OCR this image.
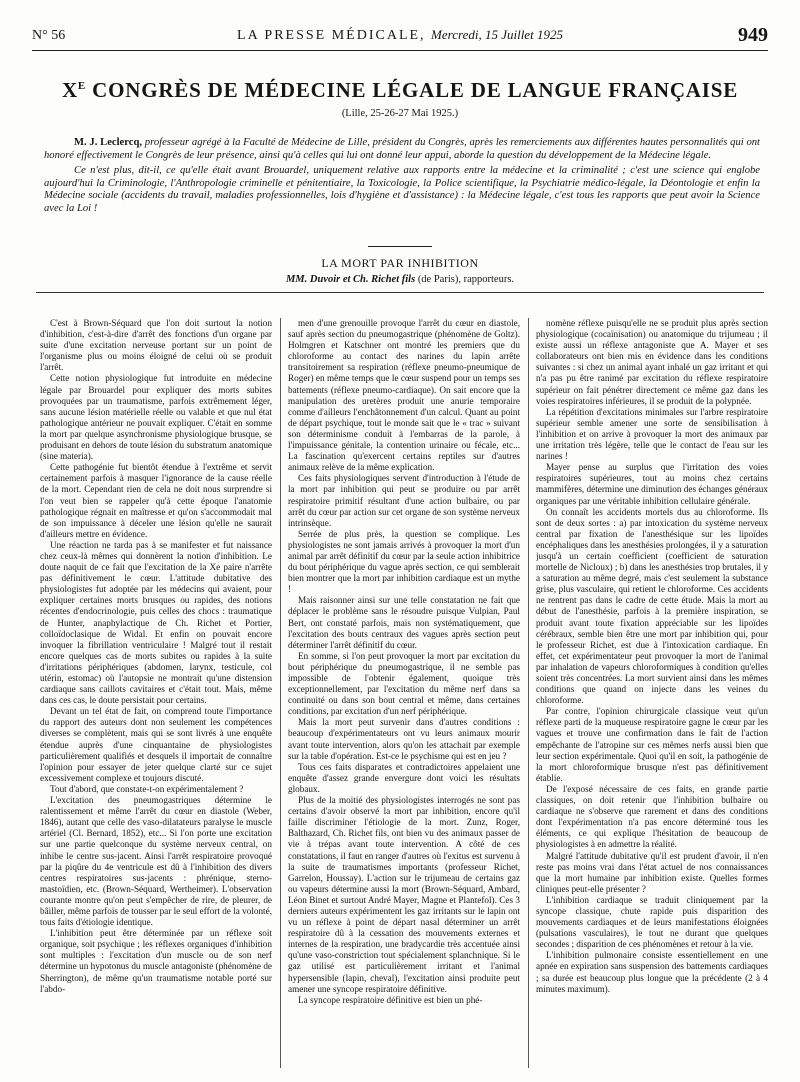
N° 56	LA PRESSE MÉDICALE, Mercredi, 15 Juillet 1925	949
$X^E$ CONGRÈS DE MÉDECINE LÉGALE DE LANGUE FRANÇAISE
(Lille, 25-26-27 Mai 1925.)

M. J. Leclercq, professeur agrégé à la Faculté de Médecine de Lille, président du Congrès, après les remerciements aux différentes hautes personnalités qui ont honoré effectivement le Congrès de leur présence, ainsi qu'à celles qui lui ont donné leur appui, aborde la question du développement de la Médecine légale.

Ce n'est plus, dit-il, ce qu'elle était avant Brouardel, uniquement relative aux rapports entre la médecine et la criminalité ; c'est une science qui englobe aujourd'hui la Criminologie, l'Anthropologie criminelle et pénitentiaire, la Toxicologie, la Police scientifique, la Psychiatrie médico-légale, la Déontologie et enfin la Médecine sociale (accidents du travail, maladies professionnelles, lois d'hygiène et d'assistance) : la Médecine légale, c'est tous les rapports que peut avoir la Science avec la Loi !

LA MORT PAR INHIBITION
MM. Duvoir et Ch. Richet fils (de Paris), rapporteurs.

C'est à Brown-Séquard que l'on doit surtout la notion d'inhibition, c'est-à-dire d'arrêt des fonctions d'un organe par suite d'une excitation nerveuse portant sur un point de l'organisme plus ou moins éloigné de celui où se produit l'arrêt.

Cette notion physiologique fut introduite en médecine légale par Brouardel pour expliquer des morts subites provoquées par un traumatisme, parfois extrêmement léger, sans aucune lésion matérielle réelle ou valable et que nul état pathologique antérieur ne pouvait expliquer. C'était en somme la mort par quelque asynchronisme physiologique brusque, se produisant en dehors de toute lésion du substratum anatomique (sine materia).

Cette pathogénie fut bientôt étendue à l'extrême et servit certainement parfois à masquer l'ignorance de la cause réelle de la mort. Cependant rien de cela ne doit nous surprendre si l'on veut bien se rappeler qu'à cette époque l'anatomie pathologique régnait en maîtresse et qu'on s'accommodait mal de son impuissance à déceler une lésion qu'elle ne saurait d'ailleurs mettre en évidence.

Une réaction ne tarda pas à se manifester et fut naissance chez ceux-là mêmes qui donnèrent la notion d'inhibition. Le doute naquit de ce fait que l'excitation de la Xe paire n'arrête pas définitivement le cœur. L'attitude dubitative des physiologistes fut adoptée par les médecins qui avaient, pour expliquer certaines morts brusques ou rapides, des notions récentes d'endocrinologie, puis celles des chocs : traumatique de Hunter, anaphylactique de Ch. Richet et Portier, colloïdoclasique de Widal. Et enfin on pouvait encore invoquer la fibrillation ventriculaire ! Malgré tout il restait encore quelques cas de morts subites ou rapides à la suite d'irritations périphériques (abdomen, larynx, testicule, col utérin, estomac) où l'autopsie ne montrait qu'une distension cardiaque sans caillots cavitaires et c'était tout. Mais, même dans ces cas, le doute persistait pour certains.

Devant un tel état de fait, on comprend toute l'importance du rapport des auteurs dont non seulement les compétences diverses se complètent, mais qui se sont livrés à une enquête étendue auprès d'une cinquantaine de physiologistes particulièrement qualifiés et desquels il importait de connaître l'opinion pour essayer de jeter quelque clarté sur ce sujet excessivement complexe et toujours discuté.

Tout d'abord, que constate-t-on expérimentalement ?

L'excitation des pneumogastriques détermine le ralentissement et même l'arrêt du cœur en diastole (Weber, 1846), autant que celle des vaso-dilatateurs paralyse le muscle artériel (Cl. Bernard, 1852), etc... Si l'on porte une excitation sur une partie quelconque du système nerveux central, on inhibe le centre sus-jacent. Ainsi l'arrêt respiratoire provoqué par la piqûre du 4e ventricule est dû à l'inhibition des divers centres respiratoires sus-jacents : phrénique, sterno-mastoïdien, etc. (Brown-Séquard, Wertheimer). L'observation courante montre qu'on peut s'empêcher de rire, de pleurer, de bâiller, même parfois de tousser par le seul effort de la volonté, tous faits d'étiologie identique.

L'inhibition peut être déterminée par un réflexe soit organique, soit psychique ; les réflexes organiques d'inhibition sont multiples : l'excitation d'un muscle ou de son nerf détermine un hypotonus du muscle antagoniste (phénomène de Sherrington), de même qu'un traumatisme notable porté sur l'abdo-

men d'une grenouille provoque l'arrêt du cœur en diastole, sauf après section du pneumogastrique (phénomène de Goltz). Holmgren et Katschner ont montré les premiers que du chloroforme au contact des narines du lapin arrête transitoirement sa respiration (réflexe pneumo-pneumique de Roger) en même temps que le cœur suspend pour un temps ses battements (réflexe pneumo-cardiaque). On sait encore que la manipulation des uretères produit une anurie temporaire comme d'ailleurs l'enchâtonnement d'un calcul. Quant au point de départ psychique, tout le monde sait que le « trac » suivant son déterminisme conduit à l'embarras de la parole, à l'impuissance génitale, la contention urinaire ou fécale, etc... La fascination qu'exercent certains reptiles sur d'autres animaux relève de la même explication.

Ces faits physiologiques servent d'introduction à l'étude de la mort par inhibition qui peut se produire ou par arrêt respiratoire primitif résultant d'une action bulbaire, ou par arrêt du cœur par action sur cet organe de son système nerveux intrinsèque.

Serrée de plus près, la question se complique. Les physiologistes ne sont jamais arrivés à provoquer la mort d'un animal par arrêt définitif du cœur par la seule action inhibitrice du bout périphérique du vague après section, ce qui semblerait bien montrer que la mort par inhibition cardiaque est un mythe !

Mais raisonner ainsi sur une telle constatation ne fait que déplacer le problème sans le résoudre puisque Vulpian, Paul Bert, ont constaté parfois, mais non systématiquement, que l'excitation des bouts centraux des vagues après section peut déterminer l'arrêt définitif du cœur.

En somme, si l'on peut provoquer la mort par excitation du bout périphérique du pneumogastrique, il ne semble pas impossible de l'obtenir également, quoique très exceptionnellement, par l'excitation du même nerf dans sa continuité ou dans son bout central et même, dans certaines conditions, par excitation d'un nerf périphérique.

Mais la mort peut survenir dans d'autres conditions : beaucoup d'expérimentateurs ont vu leurs animaux mourir avant toute intervention, alors qu'on les attachait par exemple sur la table d'opération. Est-ce le psychisme qui est en jeu ?

Tous ces faits disparates et contradictoires appelaient une enquête d'assez grande envergure dont voici les résultats globaux.

Plus de la moitié des physiologistes interrogés ne sont pas certains d'avoir observé la mort par inhibition, encore qu'il faille discriminer l'étiologie de la mort. Zunz, Roger, Balthazard, Ch. Richet fils, ont bien vu des animaux passer de vie à trépas avant toute intervention. A côté de ces constatations, il faut en ranger d'autres où l'exitus est survenu à la suite de traumatismes importants (professeur Richet, Garrelon, Houssay). L'action sur le trijumeau de certains gaz ou vapeurs détermine aussi la mort (Brown-Séquard, Ambard, Léon Binet et surtout André Mayer, Magne et Plantefol). Ces 3 derniers auteurs expérimentent les gaz irritants sur le lapin ont vu un réflexe à point de départ nasal déterminer un arrêt respiratoire dû à la cessation des mouvements externes et internes de la respiration, une bradycardie très accentuée ainsi qu'une vaso-constriction tout spécialement splanchnique. Si le gaz utilisé est particulièrement irritant et l'animal hypersensible (lapin, cheval), l'excitation ainsi produite peut amener une syncope respiratoire définitive.

La syncope respiratoire définitive est bien un phé-

nomène réflexe puisqu'elle ne se produit plus après section physiologique (cocaïnisation) ou anatomique du trijumeau ; il existe aussi un réflexe antagoniste que A. Mayer et ses collaborateurs ont bien mis en évidence dans les conditions suivantes : si chez un animal ayant inhalé un gaz irritant et qui n'a pas pu être ranimé par excitation du réflexe respiratoire supérieur on fait pénétrer directement ce même gaz dans les voies respiratoires inférieures, il se produit de la polypnée.

La répétition d'excitations minimales sur l'arbre respiratoire supérieur semble amener une sorte de sensibilisation à l'inhibition et on arrive à provoquer la mort des animaux par une irritation très légère, telle que le contact de l'eau sur les narines !

Mayer pense au surplus que l'irritation des voies respiratoires supérieures, tout au moins chez certains mammifères, détermine une diminution des échanges généraux organiques par une véritable inhibition cellulaire générale.

On connaît les accidents mortels dus au chloroforme. Ils sont de deux sortes : a) par intoxication du système nerveux central par fixation de l'anesthésique sur les lipoïdes encéphaliques dans les anesthésies prolongées, il y a saturation jusqu'à un certain coefficient (coefficient de saturation mortelle de Nicloux) ; b) dans les anesthésies trop brutales, il y a saturation au même degré, mais c'est seulement la substance grise, plus vasculaire, qui retient le chloroforme. Ces accidents ne rentrent pas dans le cadre de cette étude. Mais la mort au début de l'anesthésie, parfois à la première inspiration, se produit avant toute fixation appréciable sur les lipoïdes cérébraux, semble bien être une mort par inhibition qui, pour le professeur Richet, est due à l'intoxication cardiaque. En effet, cet expérimentateur peut provoquer la mort de l'animal par inhalation de vapeurs chloroformiques à condition qu'elles soient très concentrées. La mort survient ainsi dans les mêmes conditions que quand on injecte dans les veines du chloroforme.

Par contre, l'opinion chirurgicale classique veut qu'un réflexe parti de la muqueuse respiratoire gagne le cœur par les vagues et trouve une confirmation dans le fait de l'action empêchante de l'atropine sur ces mêmes nerfs aussi bien que leur section expérimentale. Quoi qu'il en soit, la pathogénie de la mort chloroformique brusque n'est pas définitivement établie.

De l'exposé nécessaire de ces faits, en grande partie classiques, on doit retenir que l'inhibition bulbaire ou cardiaque ne s'observe que rarement et dans des conditions dont l'expérimentation n'a pas encore déterminé tous les éléments, ce qui explique l'hésitation de beaucoup de physiologistes à en admettre la réalité.

Malgré l'attitude dubitative qu'il est prudent d'avoir, il n'en reste pas moins vrai dans l'état actuel de nos connaissances que la mort humaine par inhibition existe. Quelles formes cliniques peut-elle présenter ?

L'inhibition cardiaque se traduit cliniquement par la syncope classique, chute rapide puis disparition des mouvements cardiaques et de leurs manifestations éloignées (pulsations vasculaires), le tout ne durant que quelques secondes ; disparition de ces phénomènes et retour à la vie.

L'inhibition pulmonaire consiste essentiellement en une apnée en expiration sans suspension des battements cardiaques ; sa durée est beaucoup plus longue que la précédente (2 à 4 minutes maximum).
